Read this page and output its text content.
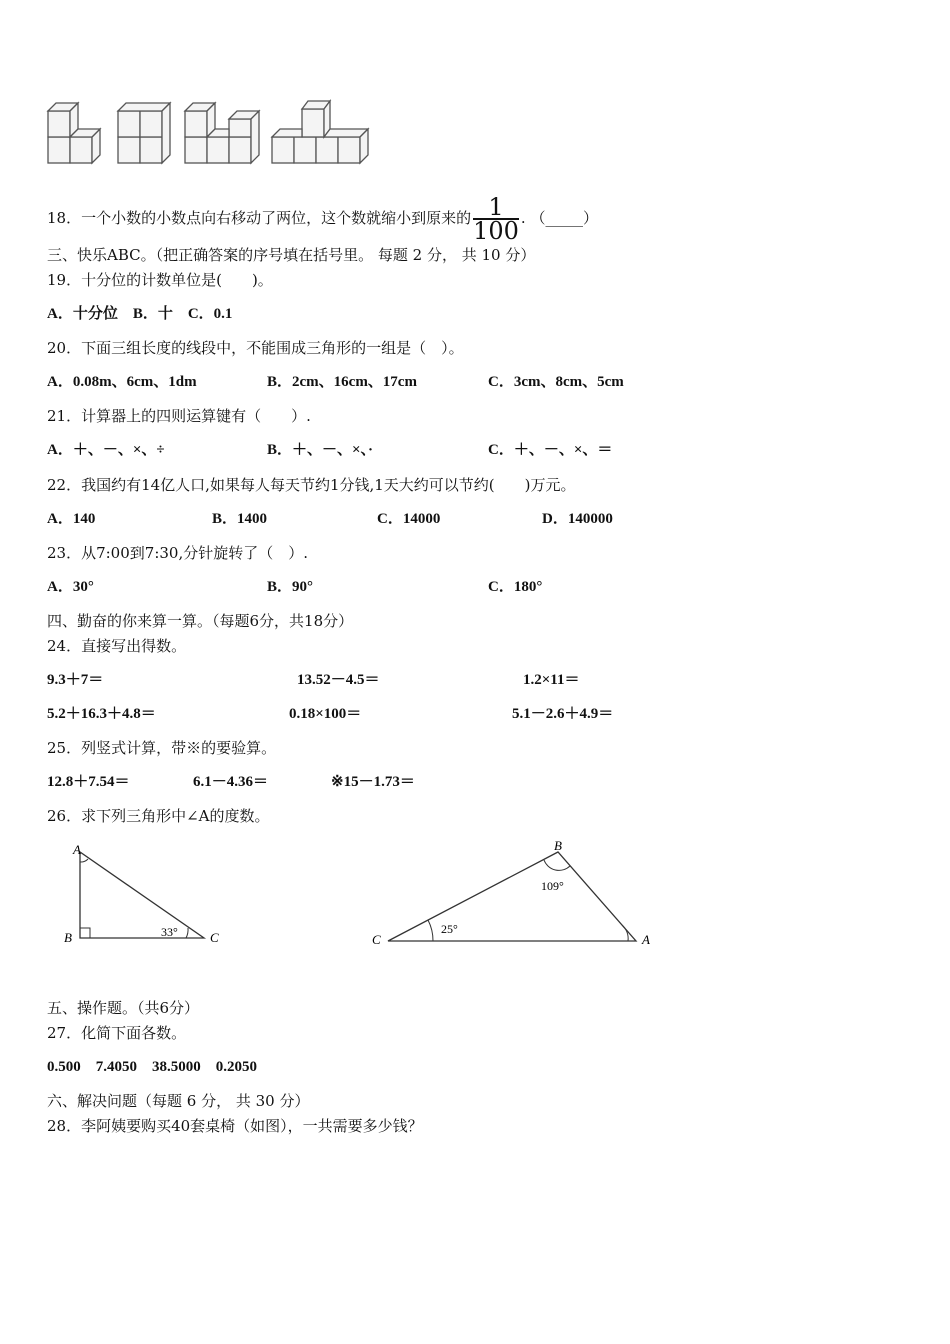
18．一个小数的小数点向右移动了两位，这个数就缩小到原来的 $\frac{1}{100}$ . （_____）
三、快乐ABC。（把正确答案的序号填在括号里。 每题 2 分， 共 10 分）
19．十分位的计数单位是(　　)。
A．十分位　B．十　C．0.1
20．下面三组长度的线段中，不能围成三角形的一组是（　）。
A．0.08m、6cm、1dm	B．2cm、16cm、17cm	C．3cm、8cm、5cm
21．计算器上的四则运算键有（　　）.
A．＋、－、×、÷	B．＋、－、×、·	C．＋、－、×、＝
22．我国约有14亿人口,如果每人每天节约1分钱,1天大约可以节约(　　)万元。
A．140	B．1400	C．14000	D．140000
23．从7:00到7:30,分针旋转了（　）.
A．30°	B．90°	C．180°
四、勤奋的你来算一算。（每题6分，共18分）
24．直接写出得数。
9.3＋7＝	13.52－4.5＝	1.2×11＝
5.2＋16.3＋4.8＝	0.18×100＝	5.1－2.6＋4.9＝
25．列竖式计算，带※的要验算。
12.8＋7.54＝	6.1－4.36＝	※15－1.73＝
26．求下列三角形中∠A的度数。
A
B	C
33°
B
C	A
109°
25°
五、操作题。（共6分）
27．化简下面各数。
0.500　7.4050　38.5000　0.2050
六、解决问题（每题 6 分， 共 30 分）
28．李阿姨要购买40套桌椅（如图），一共需要多少钱？
